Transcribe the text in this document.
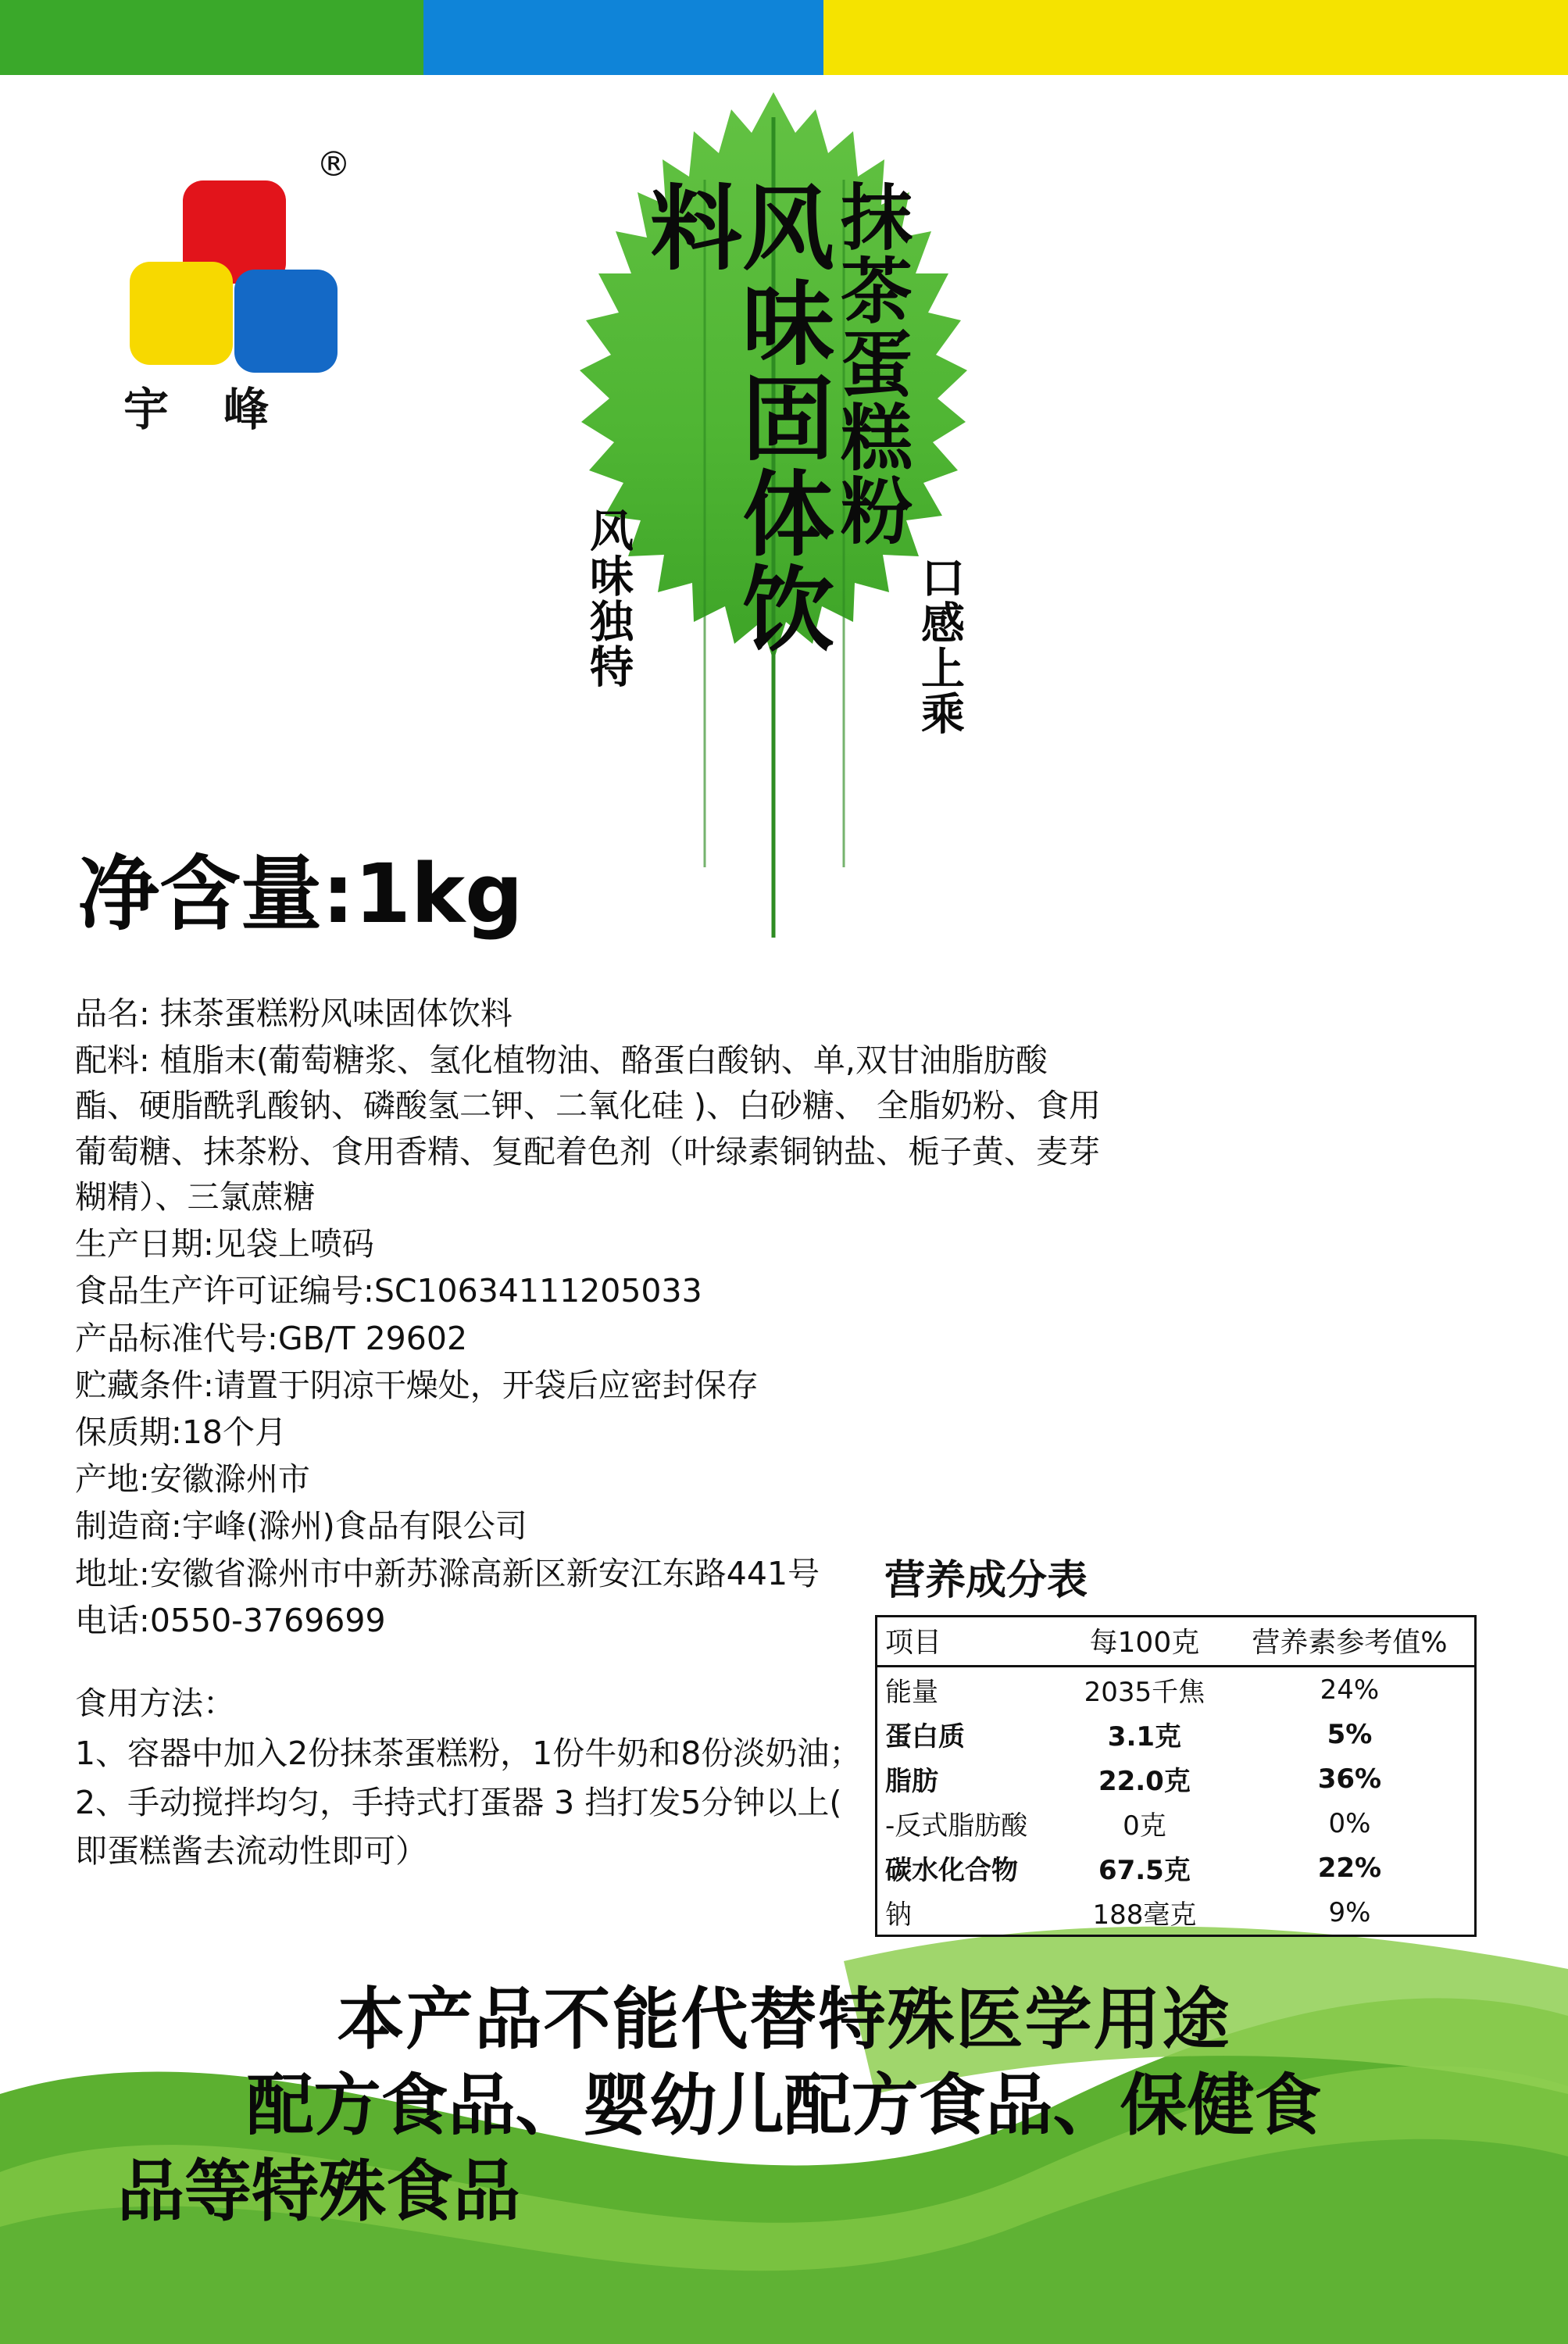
®
宇峰
口感上乘
抹茶蛋糕粉
风味固体饮料
风味独特
净含量:1kg

品名: 抹茶蛋糕粉风味固体饮料

配料: 植脂末(葡萄糖浆、氢化植物油、酪蛋白酸钠、单,双甘油脂肪酸酯、硬脂酰乳酸钠、磷酸氢二钾、二氧化硅 )、白砂糖、 全脂奶粉、食用葡萄糖、抹茶粉、食用香精、复配着色剂（叶绿素铜钠盐、栀子黄、麦芽糊精）、三氯蔗糖

生产日期:见袋上喷码

食品生产许可证编号:SC10634111205033

产品标准代号:GB/T 29602

贮藏条件:请置于阴凉干燥处，开袋后应密封保存

保质期:18个月

产地:安徽滁州市

制造商:宇峰(滁州)食品有限公司

地址:安徽省滁州市中新苏滁高新区新安江东路441号

电话:0550-3769699

食用方法：

1、容器中加入2份抹茶蛋糕粉，1份牛奶和8份淡奶油；

2、手动搅拌均匀，手持式打蛋器 3 挡打发5分钟以上( 即蛋糕酱去流动性即可）

营养成分表
项目	每100克	营养素参考值%
能量	2035千焦	24%
蛋白质	3.1克	5%
脂肪	22.0克	36%
-反式脂肪酸	0克	0%
碳水化合物	67.5克	22%
钠	188毫克	9%
本产品不能代替特殊医学用途
配方食品、婴幼儿配方食品、保健食
品等特殊食品
